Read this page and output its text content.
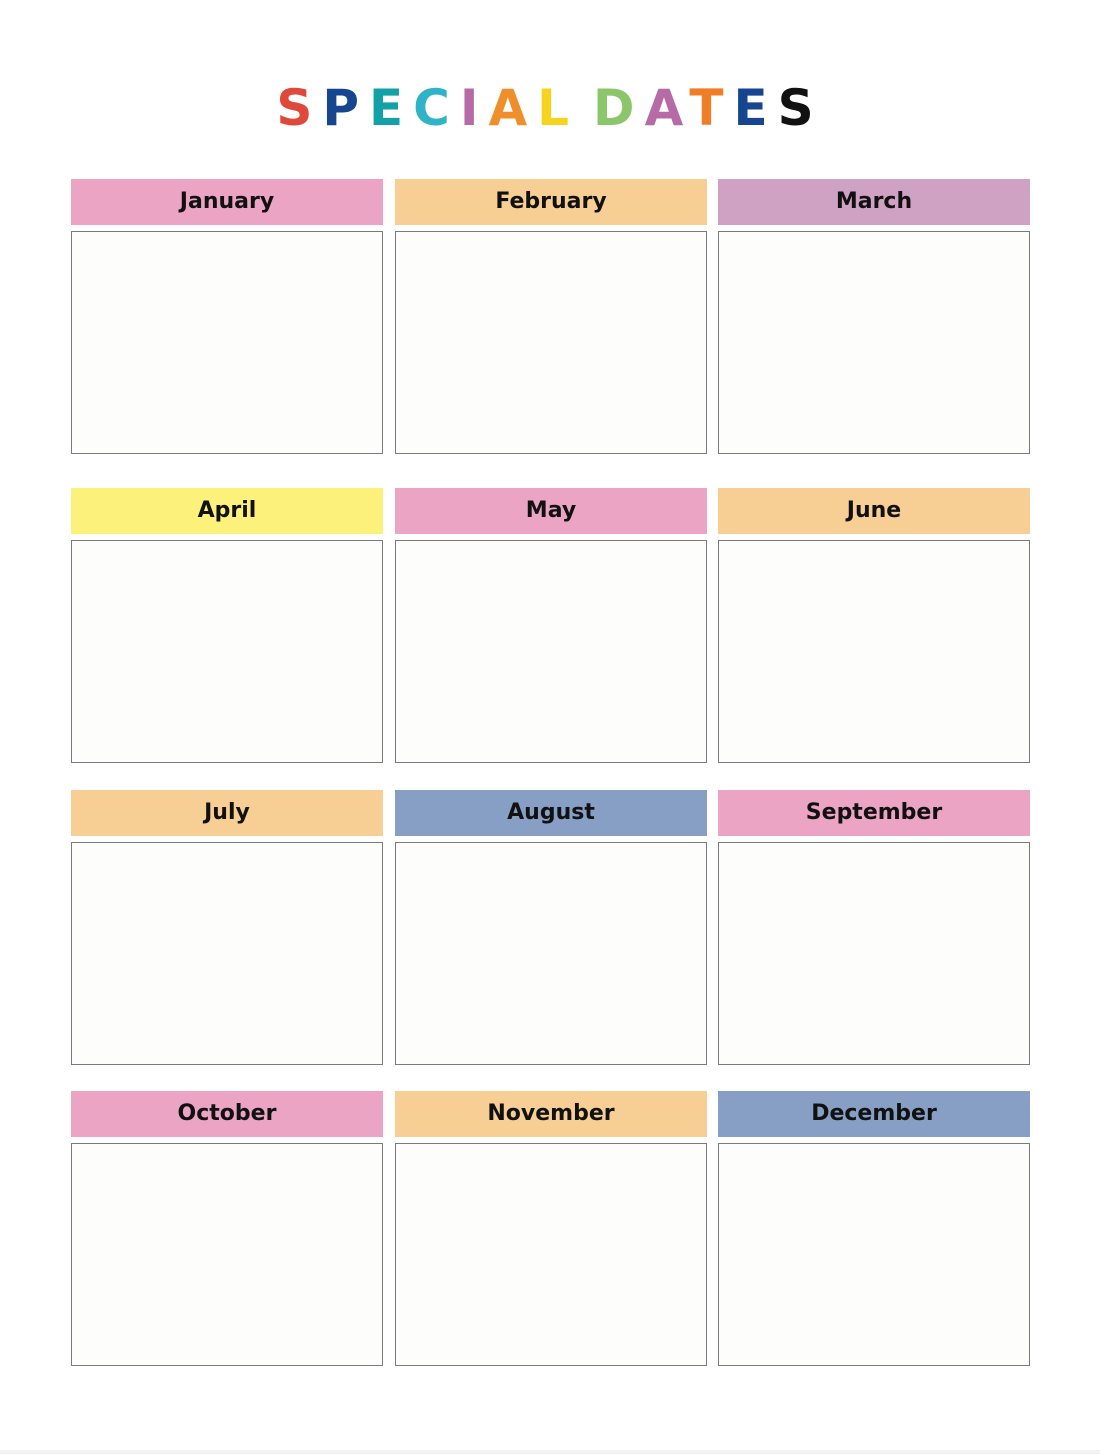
SPECIAL DATES
January	February	March
April	May	June
July	August	September
October	November	December
